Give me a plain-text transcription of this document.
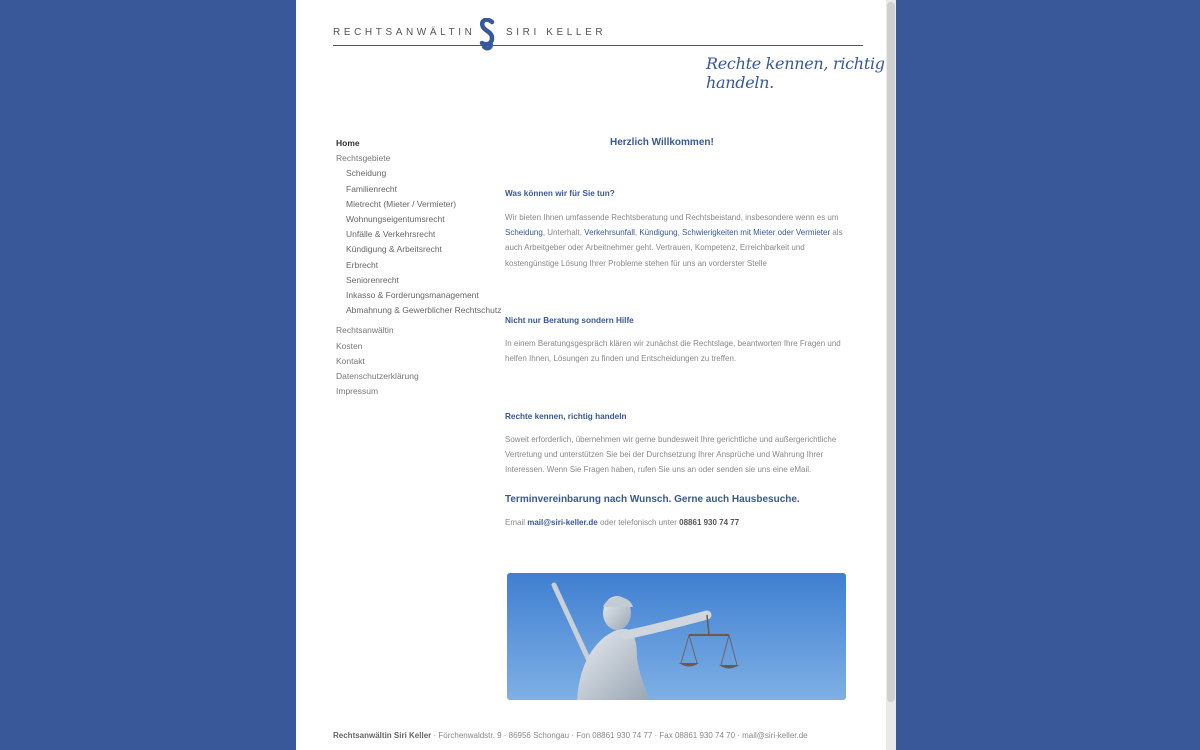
RECHTSANWÄLTIN	SIRI KELLER
Rechte kennen, richtig handeln.
Home
Rechtsgebiete
Scheidung
Familienrecht
Mietrecht (Mieter / Vermieter)
Wohnungseigentumsrecht
Unfälle & Verkehrsrecht
Kündigung & Arbeitsrecht
Erbrecht
Seniorenrecht
Inkasso & Forderungsmanagement
Abmahnung & Gewerblicher Rechtschutz
Rechtsanwältin
Kosten
Kontakt
Datenschutzerklärung
Impressum
Herzlich Willkommen!
Was können wir für Sie tun?
Wir bieten Ihnen umfassende Rechtsberatung und Rechtsbeistand, insbesondere wenn es um Scheidung, Unterhalt, Verkehrsunfall, Kündigung, Schwierigkeiten mit Mieter oder Vermieter als auch Arbeitgeber oder Arbeitnehmer geht. Vertrauen, Kompetenz, Erreichbarkeit und kostengünstige Lösung Ihrer Probleme stehen für uns an vorderster Stelle
Nicht nur Beratung sondern Hilfe
In einem Beratungsgespräch klären wir zunächst die Rechtslage, beantworten Ihre Fragen und helfen Ihnen, Lösungen zu finden und Entscheidungen zu treffen.
Rechte kennen, richtig handeln
Soweit erforderlich, übernehmen wir gerne bundesweit Ihre gerichtliche und außergerichtliche Vertretung und unterstützen Sie bei der Durchsetzung Ihrer Ansprüche und Wahrung Ihrer Interessen. Wenn Sie Fragen haben, rufen Sie uns an oder senden sie uns eine eMail.
Terminvereinbarung nach Wunsch. Gerne auch Hausbesuche.
Email mail@siri-keller.de oder telefonisch unter 08861 930 74 77
Rechtsanwältin Siri Keller · Förchenwaldstr. 9 · 86956 Schongau · Fon 08861 930 74 77 · Fax 08861 930 74 70 · mail@siri-keller.de
